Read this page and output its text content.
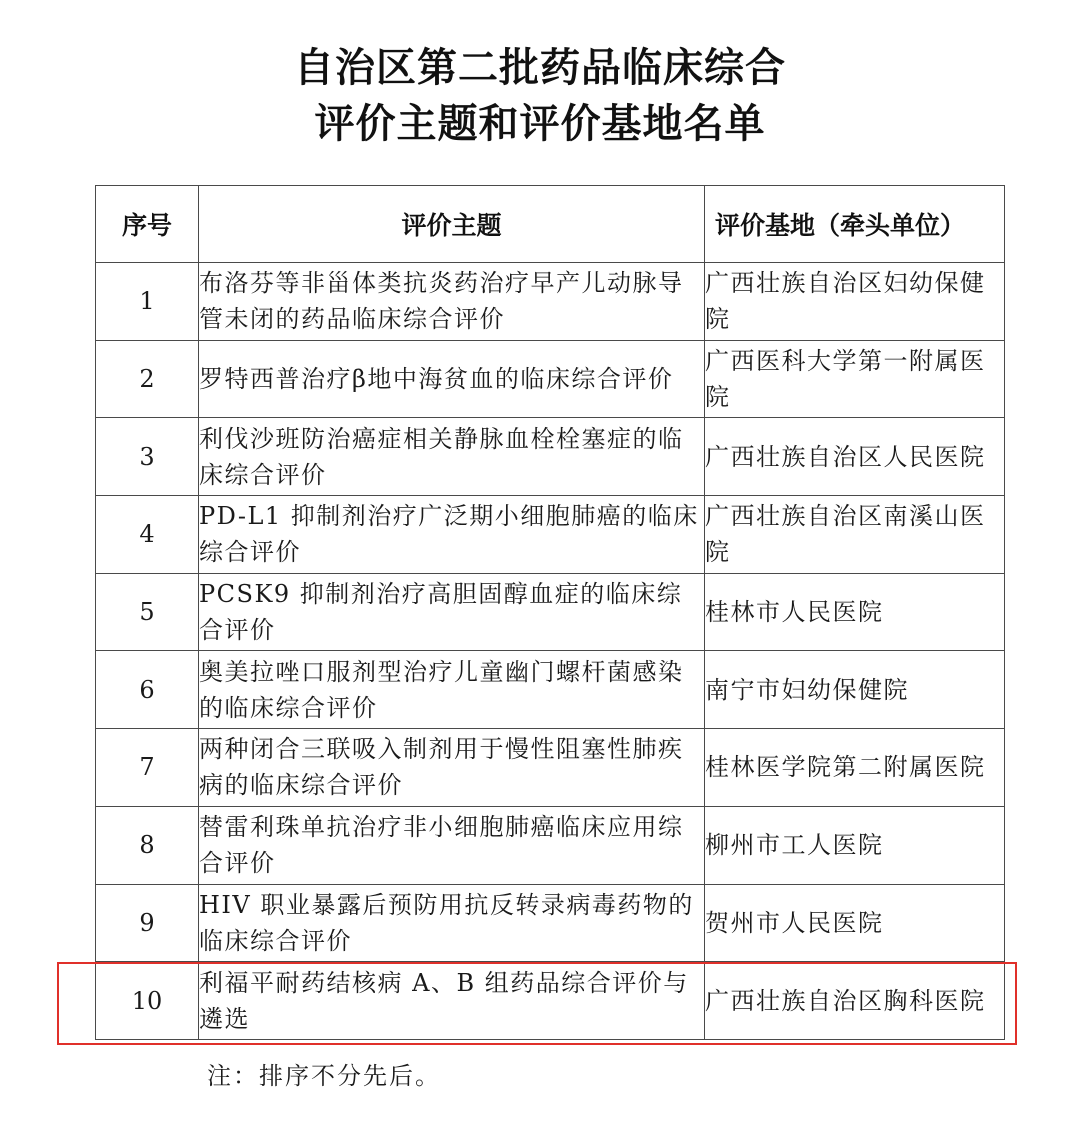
自治区第二批药品临床综合
评价主题和评价基地名单
序号	评价主题	评价基地（牵头单位）
1	布洛芬等非甾体类抗炎药治疗早产儿动脉导管未闭的药品临床综合评价	广西壮族自治区妇幼保健院
2	罗特西普治疗β地中海贫血的临床综合评价	广西医科大学第一附属医院
3	利伐沙班防治癌症相关静脉血栓栓塞症的临床综合评价	广西壮族自治区人民医院
4	PD-L1 抑制剂治疗广泛期小细胞肺癌的临床综合评价	广西壮族自治区南溪山医院
5	PCSK9 抑制剂治疗高胆固醇血症的临床综合评价	桂林市人民医院
6	奥美拉唑口服剂型治疗儿童幽门螺杆菌感染的临床综合评价	南宁市妇幼保健院
7	两种闭合三联吸入制剂用于慢性阻塞性肺疾病的临床综合评价	桂林医学院第二附属医院
8	替雷利珠单抗治疗非小细胞肺癌临床应用综合评价	柳州市工人医院
9	HIV 职业暴露后预防用抗反转录病毒药物的临床综合评价	贺州市人民医院
10	利福平耐药结核病 A、B 组药品综合评价与遴选	广西壮族自治区胸科医院
注：排序不分先后。
